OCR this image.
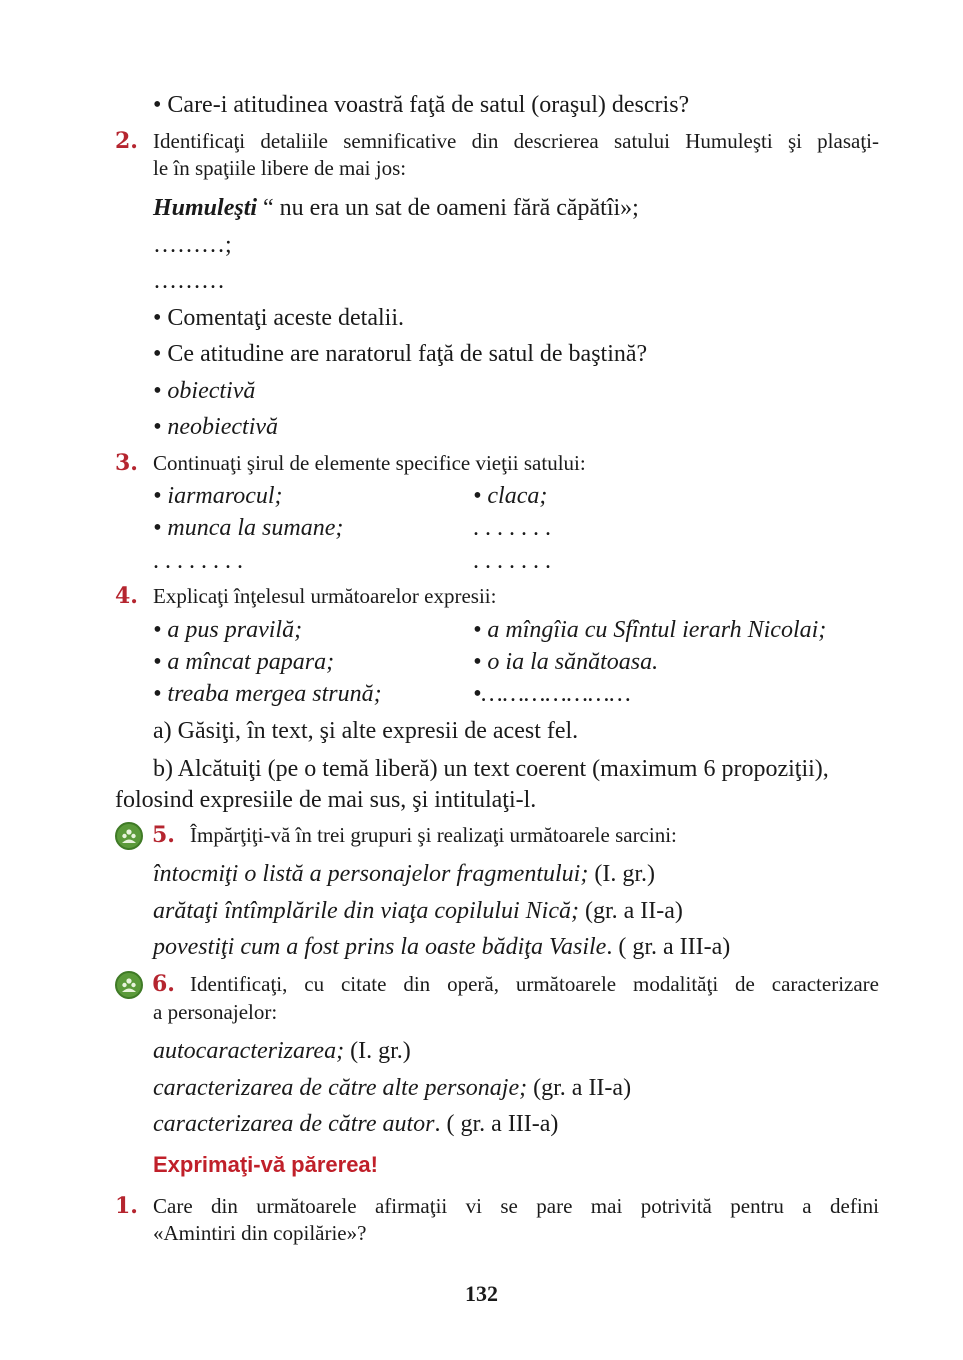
• Care-i atitudinea voastră faţă de satul (oraşul) descris?
2. Identificaţi detaliile semnificative din descrierea satului Humuleşti şi plasaţi-
le în spaţiile libere de mai jos:
Humuleşti “ nu era un sat de oameni fără căpătîi»;
………;
………
• Comentaţi aceste detalii.
• Ce atitudine are naratorul faţă de satul de baştină?
• obiectivă
• neobiectivă
3. Continuaţi şirul de elemente specifice vieţii satului:
• iarmarocul;	• claca;
• munca la sumane;	. . . . . . .
. . . . . . . .	. . . . . . .
4. Explicaţi înţelesul următoarelor expresii:
• a pus pravilă;	• a mîngîia cu Sfîntul ierarh Nicolai;
• a mîncat papara;	• o ia la sănătoasa.
• treaba mergea strună;	•…………………
a) Găsiţi, în text, şi alte expresii de acest fel.
b) Alcătuiţi (pe o temă liberă) un text coerent (maximum 6 propoziţii),
folosind expresiile de mai sus, şi intitulaţi-l.
5. Împărţiţi-vă în trei grupuri şi realizaţi următoarele sarcini:
întocmiţi o listă a personajelor fragmentului; (I. gr.)
arătaţi întîmplările din viaţa copilului Nică; (gr. a II-a)
povestiţi cum a fost prins la oaste bădiţa Vasile. ( gr. a III-a)
6. Identificaţi, cu citate din operă, următoarele modalităţi de caracterizare
a personajelor:
autocaracterizarea; (I. gr.)
caracterizarea de către alte personaje; (gr. a II-a)
caracterizarea de către autor. ( gr. a III-a)
Exprimaţi-vă părerea!
1. Care din următoarele afirmaţii vi se pare mai potrivită pentru a defini
«Amintiri din copilărie»?
132
